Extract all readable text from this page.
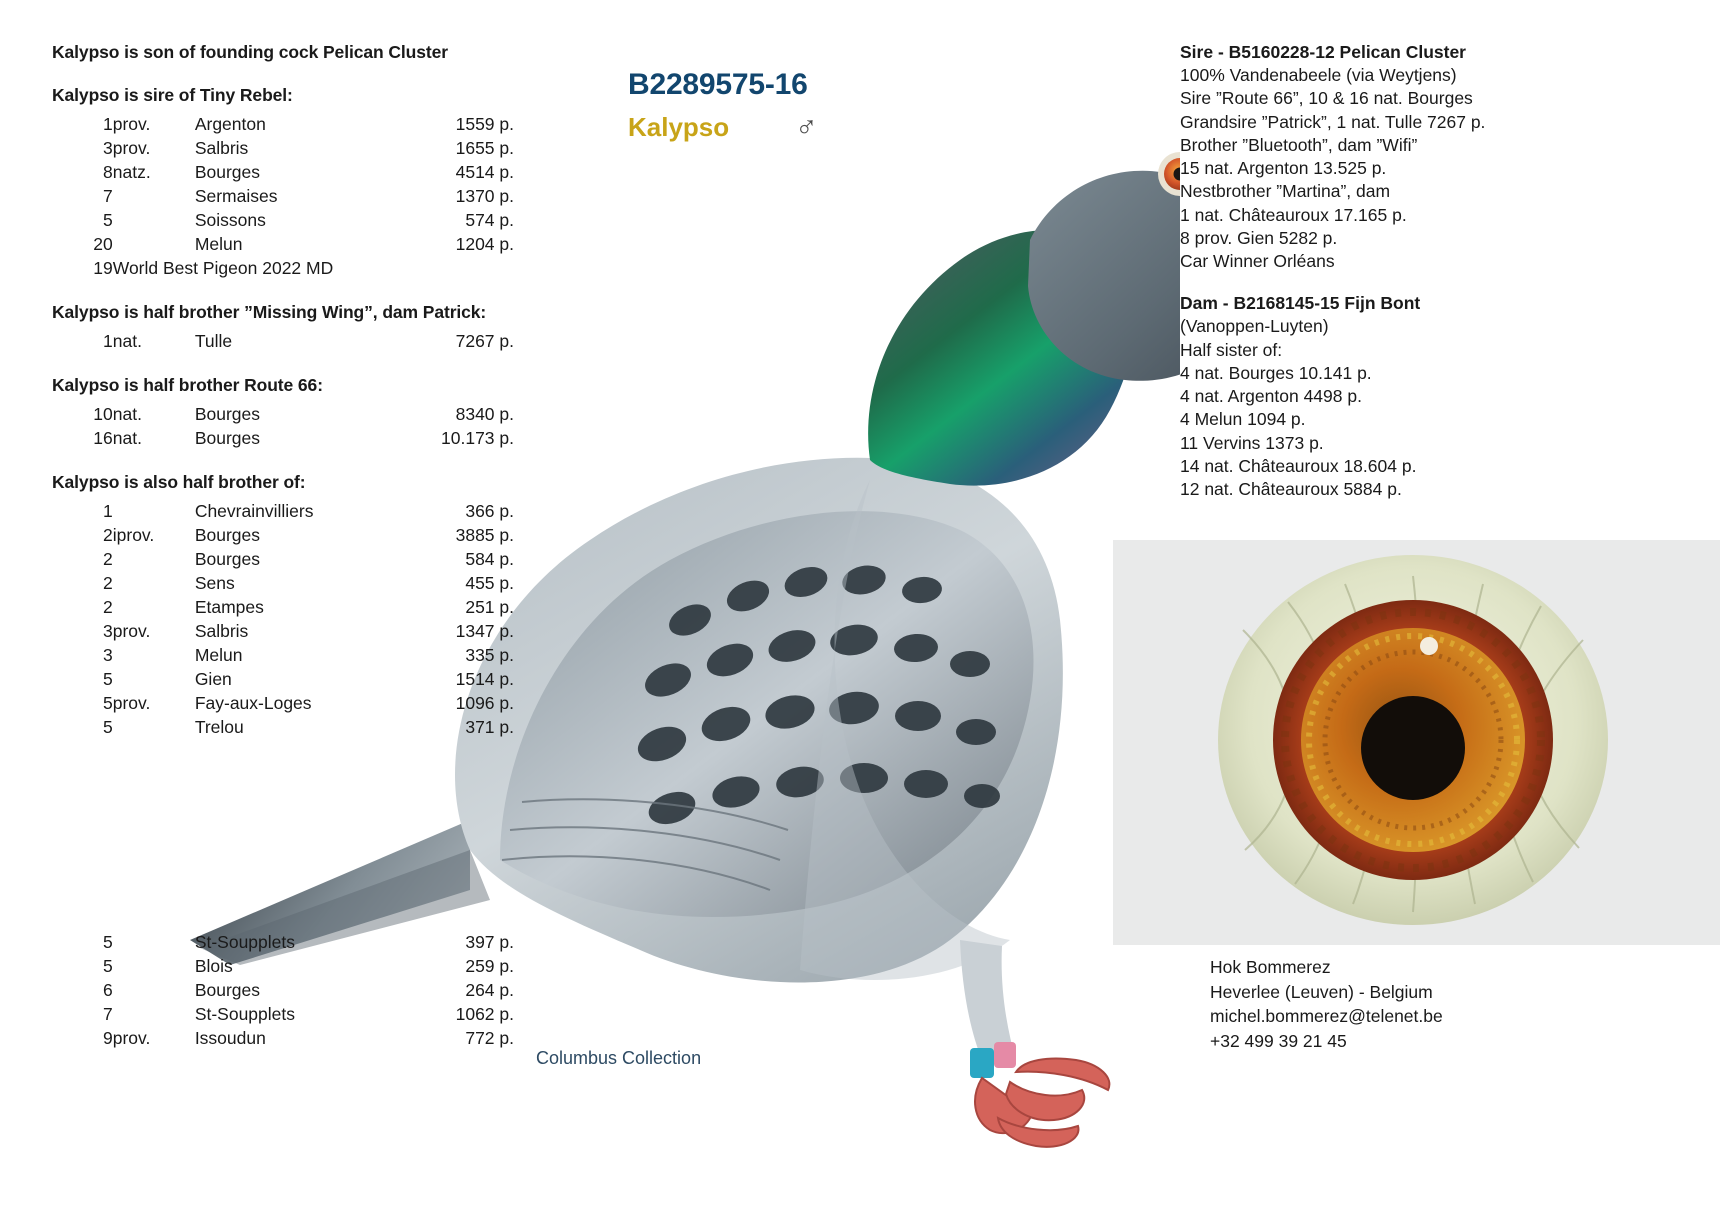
B2289575-16
Kalypso ♂
Kalypso is son of founding cock Pelican Cluster
Kalypso is sire of Tiny Rebel:
1	prov.	Argenton	1559 p.
3	prov.	Salbris	1655 p.
8	natz.	Bourges	4514 p.
7		Sermaises	1370 p.
5		Soissons	574 p.
20		Melun	1204 p.
19	World Best Pigeon 2022 MD		
Kalypso is half brother ”Missing Wing”, dam Patrick:
1	nat.	Tulle	7267 p.
Kalypso is half brother Route 66:
10	nat.	Bourges	8340 p.
16	nat.	Bourges	10.173 p.
Kalypso is also half brother of:
1		Chevrainvilliers	366 p.
2	iprov.	Bourges	3885 p.
2		Bourges	584 p.
2		Sens	455 p.
2		Etampes	251 p.
3	prov.	Salbris	1347 p.
3		Melun	335 p.
5		Gien	1514 p.
5	prov.	Fay-aux-Loges	1096 p.
5		Trelou	371 p.
5		St-Soupplets	397 p.
5		Blois	259 p.
6		Bourges	264 p.
7		St-Soupplets	1062 p.
9	prov.	Issoudun	772 p.
Sire - B5160228-12 Pelican Cluster

100% Vandenabeele (via Weytjens)

Sire ”Route 66”, 10 & 16 nat. Bourges

Grandsire ”Patrick”, 1 nat. Tulle 7267 p.

Brother ”Bluetooth”, dam ”Wifi”

15 nat. Argenton 13.525 p.

Nestbrother ”Martina”, dam

1 nat. Châteauroux 17.165 p.

8 prov. Gien 5282 p.

Car Winner Orléans

Dam - B2168145-15 Fijn Bont

(Vanoppen-Luyten)

Half sister of:

4 nat. Bourges 10.141 p.

4 nat. Argenton 4498 p.

4 Melun 1094 p.

11 Vervins 1373 p.

14 nat. Châteauroux 18.604 p.

12 nat. Châteauroux 5884 p.

Hok Bommerez
Heverlee (Leuven) - Belgium
michel.bommerez@telenet.be
+32 499 39 21 45
Columbus Collection
